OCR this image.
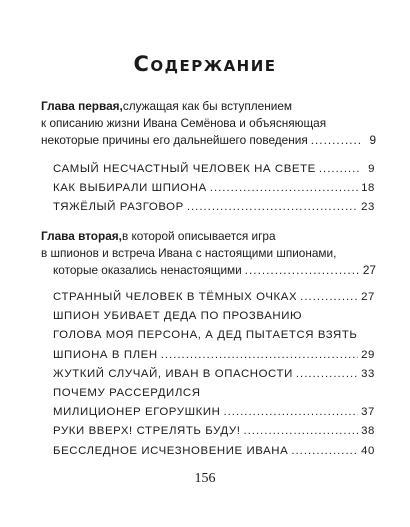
Содержание
Глава первая, служащая как бы вступлением
к описанию жизни Ивана Семёнова и объясняющая
некоторые причины его дальнейшего поведения .....	9
САМЫЙ НЕСЧАСТНЫЙ ЧЕЛОВЕК НА СВЕТЕ .....	9
КАК ВЫБИРАЛИ ШПИОНА .....	18
ТЯЖЁЛЫЙ РАЗГОВОР .....	23
Глава вторая, в которой описывается игра
в шпионов и встреча Ивана с настоящими шпионами,
которые оказались ненастоящими .....	27
СТРАННЫЙ ЧЕЛОВЕК В ТЁМНЫХ ОЧКАХ .....	27
ШПИОН УБИВАЕТ ДЕДА ПО ПРОЗВАНИЮ
ГОЛОВА МОЯ ПЕРСОНА, А ДЕД ПЫТАЕТСЯ ВЗЯТЬ
ШПИОНА В ПЛЕН .....	29
ЖУТКИЙ СЛУЧАЙ, ИВАН В ОПАСНОСТИ .....	33
ПОЧЕМУ РАССЕРДИЛСЯ
МИЛИЦИОНЕР ЕГОРУШКИН .....	37
РУКИ ВВЕРХ! СТРЕЛЯТЬ БУДУ! .....	38
БЕССЛЕДНОЕ ИСЧЕЗНОВЕНИЕ ИВАНА .....	40
156
